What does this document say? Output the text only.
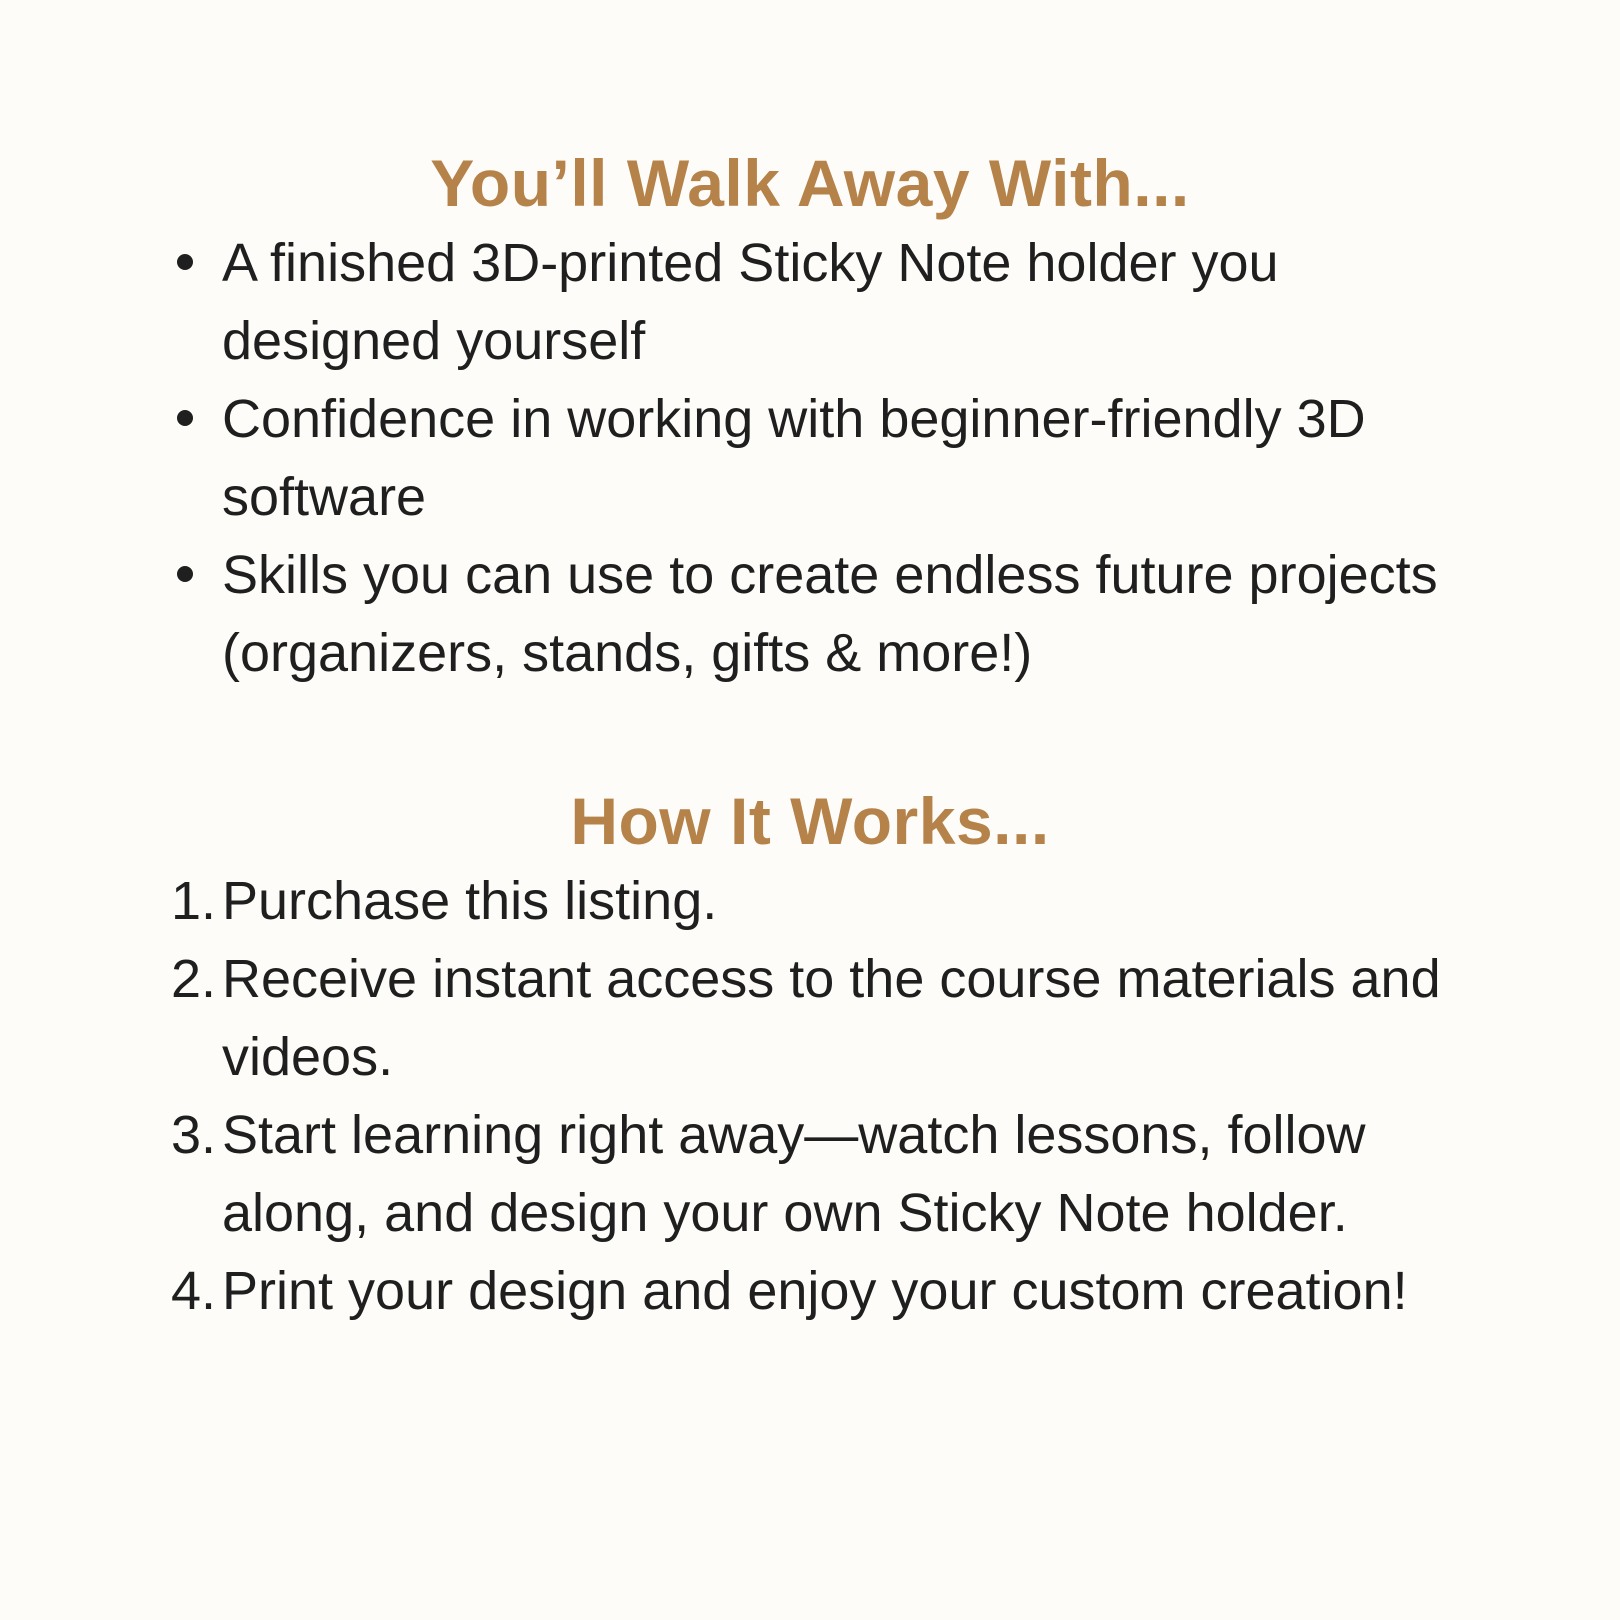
You’ll Walk Away With...
A finished 3D-printed Sticky Note holder you designed yourself
Confidence in working with beginner-friendly 3D software
Skills you can use to create endless future projects (organizers, stands, gifts & more!)
How It Works...
1. Purchase this listing.
2. Receive instant access to the course materials and videos.
3. Start learning right away—watch lessons, follow along, and design your own Sticky Note holder.
4. Print your design and enjoy your custom creation!
